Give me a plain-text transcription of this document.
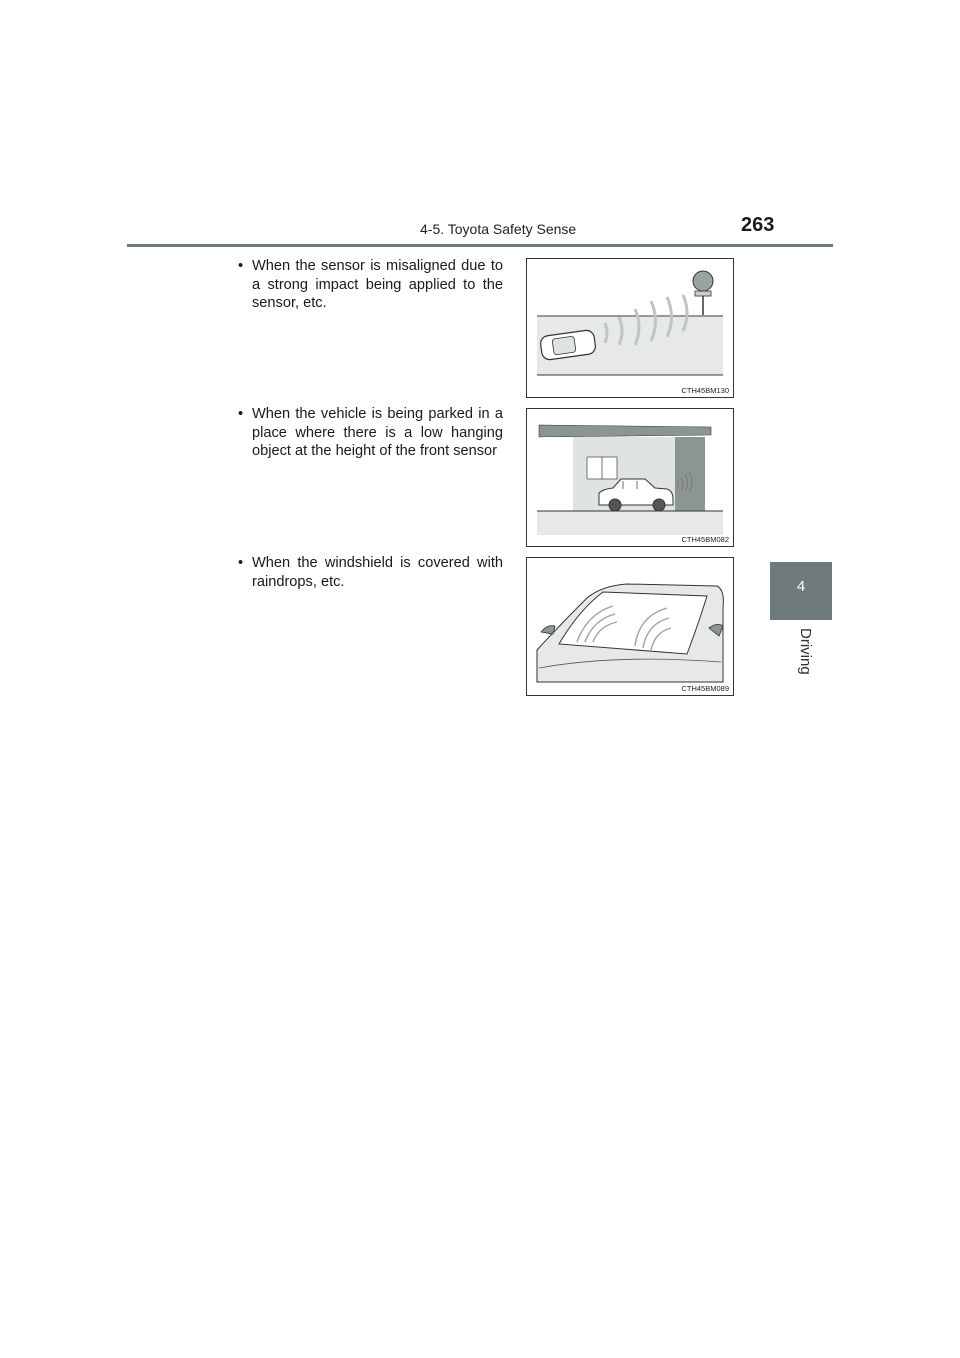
4-5. Toyota Safety Sense	263
4
Driving
• When the sensor is misaligned due to
a strong impact being applied to the
sensor, etc.
CTH45BM130
• When the vehicle is being parked in a
place where there is a low hanging
object at the height of the front sensor
CTH45BM082
• When the windshield is covered with
raindrops, etc.
CTH45BM089
